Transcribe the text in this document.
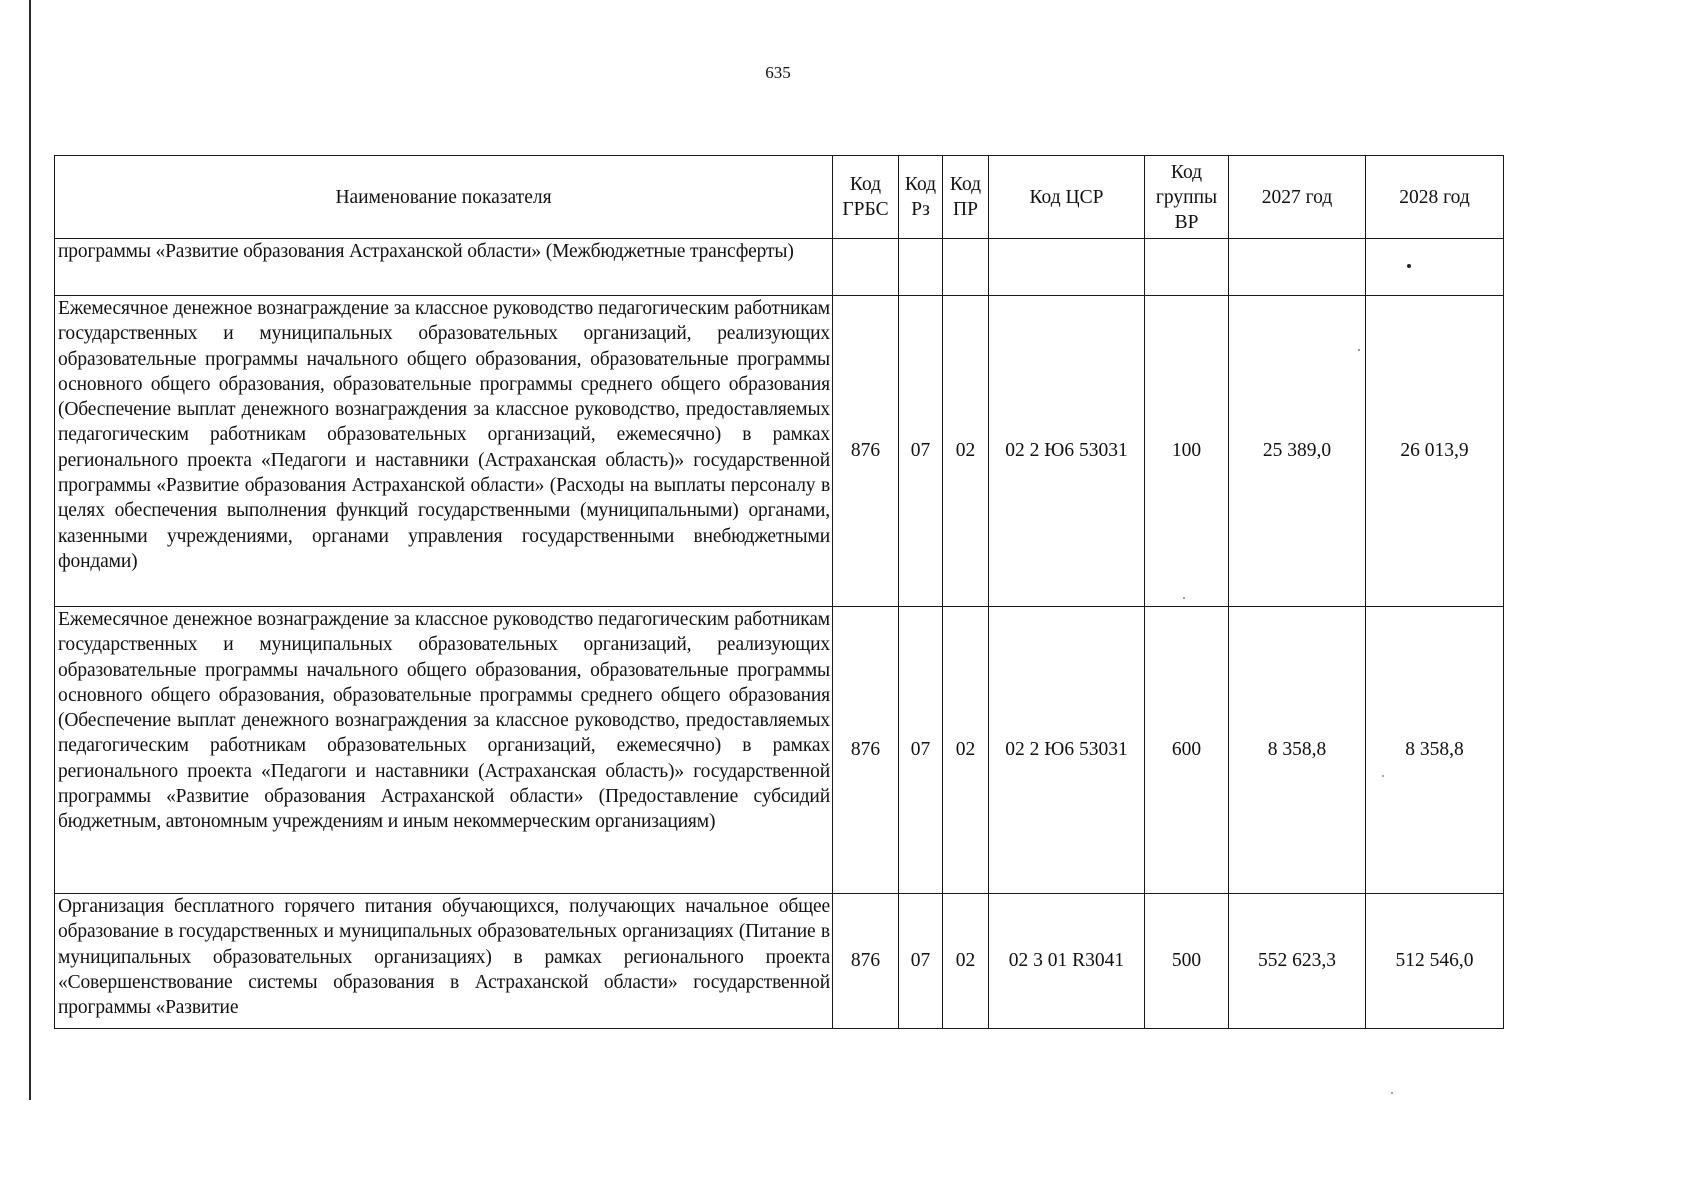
635
Наименование показателя	Код ГРБС	Код Рз	Код ПР	Код ЦСР	Код группы ВР	2027 год	2028 год
программы «Развитие образования Астраханской области» (Межбюджетные трансферты)							
Ежемесячное денежное вознаграждение за классное руководство педагогическим работникам государственных и муниципальных образовательных организаций, реализующих образовательные программы начального общего образования, образовательные программы основного общего образования, образовательные программы среднего общего образования (Обеспечение выплат денежного вознаграждения за классное руководство, предоставляемых педагогическим работникам образовательных организаций, ежемесячно) в рамках регионального проекта «Педагоги и наставники (Астраханская область)» государственной программы «Развитие образования Астраханской области» (Расходы на выплаты персоналу в целях обеспечения выполнения функций государственными (муниципальными) органами, казенными учреждениями, органами управления государственными внебюджетными фондами)	876	07	02	02 2 Ю6 53031	100	25 389,0	26 013,9
Ежемесячное денежное вознаграждение за классное руководство педагогическим работникам государственных и муниципальных образовательных организаций, реализующих образовательные программы начального общего образования, образовательные программы основного общего образования, образовательные программы среднего общего образования (Обеспечение выплат денежного вознаграждения за классное руководство, предоставляемых педагогическим работникам образовательных организаций, ежемесячно) в рамках регионального проекта «Педагоги и наставники (Астраханская область)» государственной программы «Развитие образования Астраханской области» (Предоставление субсидий бюджетным, автономным учреждениям и иным некоммерческим организациям)	876	07	02	02 2 Ю6 53031	600	8 358,8	8 358,8
Организация бесплатного горячего питания обучающихся, получающих начальное общее образование в государственных и муниципальных образовательных организациях (Питание в муниципальных образовательных организациях) в рамках регионального проекта «Совершенствование системы образования в Астраханской области» государственной программы «Развитие	876	07	02	02 3 01 R3041	500	552 623,3	512 546,0
